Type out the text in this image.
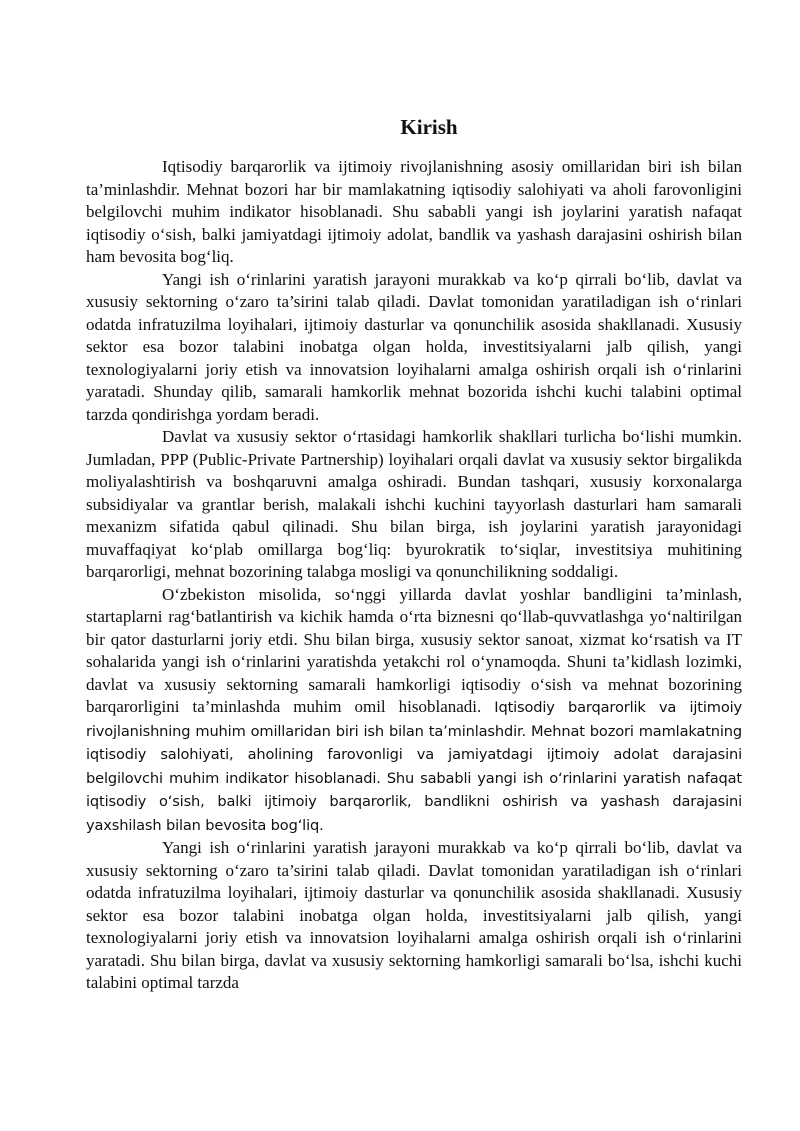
Kirish

Iqtisodiy barqarorlik va ijtimoiy rivojlanishning asosiy omillaridan biri ish bilan ta’minlashdir. Mehnat bozori har bir mamlakatning iqtisodiy salohiyati va aholi farovonligini belgilovchi muhim indikator hisoblanadi. Shu sababli yangi ish joylarini yaratish nafaqat iqtisodiy o‘sish, balki jamiyatdagi ijtimoiy adolat, bandlik va yashash darajasini oshirish bilan ham bevosita bog‘liq.

Yangi ish o‘rinlarini yaratish jarayoni murakkab va ko‘p qirrali bo‘lib, davlat va xususiy sektorning o‘zaro ta’sirini talab qiladi. Davlat tomonidan yaratiladigan ish o‘rinlari odatda infratuzilma loyihalari, ijtimoiy dasturlar va qonunchilik asosida shakllanadi. Xususiy sektor esa bozor talabini inobatga olgan holda, investitsiyalarni jalb qilish, yangi texnologiyalarni joriy etish va innovatsion loyihalarni amalga oshirish orqali ish o‘rinlarini yaratadi. Shunday qilib, samarali hamkorlik mehnat bozorida ishchi kuchi talabini optimal tarzda qondirishga yordam beradi.

Davlat va xususiy sektor o‘rtasidagi hamkorlik shakllari turlicha bo‘lishi mumkin. Jumladan, PPP (Public-Private Partnership) loyihalari orqali davlat va xususiy sektor birgalikda moliyalashtirish va boshqaruvni amalga oshiradi. Bundan tashqari, xususiy korxonalarga subsidiyalar va grantlar berish, malakali ishchi kuchini tayyorlash dasturlari ham samarali mexanizm sifatida qabul qilinadi. Shu bilan birga, ish joylarini yaratish jarayonidagi muvaffaqiyat ko‘plab omillarga bog‘liq: byurokratik to‘siqlar, investitsiya muhitining barqarorligi, mehnat bozorining talabga mosligi va qonunchilikning soddaligi.

O‘zbekiston misolida, so‘nggi yillarda davlat yoshlar bandligini ta’minlash, startaplarni rag‘batlantirish va kichik hamda o‘rta biznesni qo‘llab-quvvatlashga yo‘naltirilgan bir qator dasturlarni joriy etdi. Shu bilan birga, xususiy sektor sanoat, xizmat ko‘rsatish va IT sohalarida yangi ish o‘rinlarini yaratishda yetakchi rol o‘ynamoqda. Shuni ta’kidlash lozimki, davlat va xususiy sektorning samarali hamkorligi iqtisodiy o‘sish va mehnat bozorining barqarorligini ta’minlashda muhim omil hisoblanadi. Iqtisodiy barqarorlik va ijtimoiy rivojlanishning muhim omillaridan biri ish bilan ta’minlashdir. Mehnat bozori mamlakatning iqtisodiy salohiyati, aholining farovonligi va jamiyatdagi ijtimoiy adolat darajasini belgilovchi muhim indikator hisoblanadi. Shu sababli yangi ish oʻrinlarini yaratish nafaqat iqtisodiy oʻsish, balki ijtimoiy barqarorlik, bandlikni oshirish va yashash darajasini yaxshilash bilan bevosita bogʻliq.

Yangi ish o‘rinlarini yaratish jarayoni murakkab va ko‘p qirrali bo‘lib, davlat va xususiy sektorning o‘zaro ta’sirini talab qiladi. Davlat tomonidan yaratiladigan ish o‘rinlari odatda infratuzilma loyihalari, ijtimoiy dasturlar va qonunchilik asosida shakllanadi. Xususiy sektor esa bozor talabini inobatga olgan holda, investitsiyalarni jalb qilish, yangi texnologiyalarni joriy etish va innovatsion loyihalarni amalga oshirish orqali ish o‘rinlarini yaratadi. Shu bilan birga, davlat va xususiy sektorning hamkorligi samarali bo‘lsa, ishchi kuchi talabini optimal tarzda
